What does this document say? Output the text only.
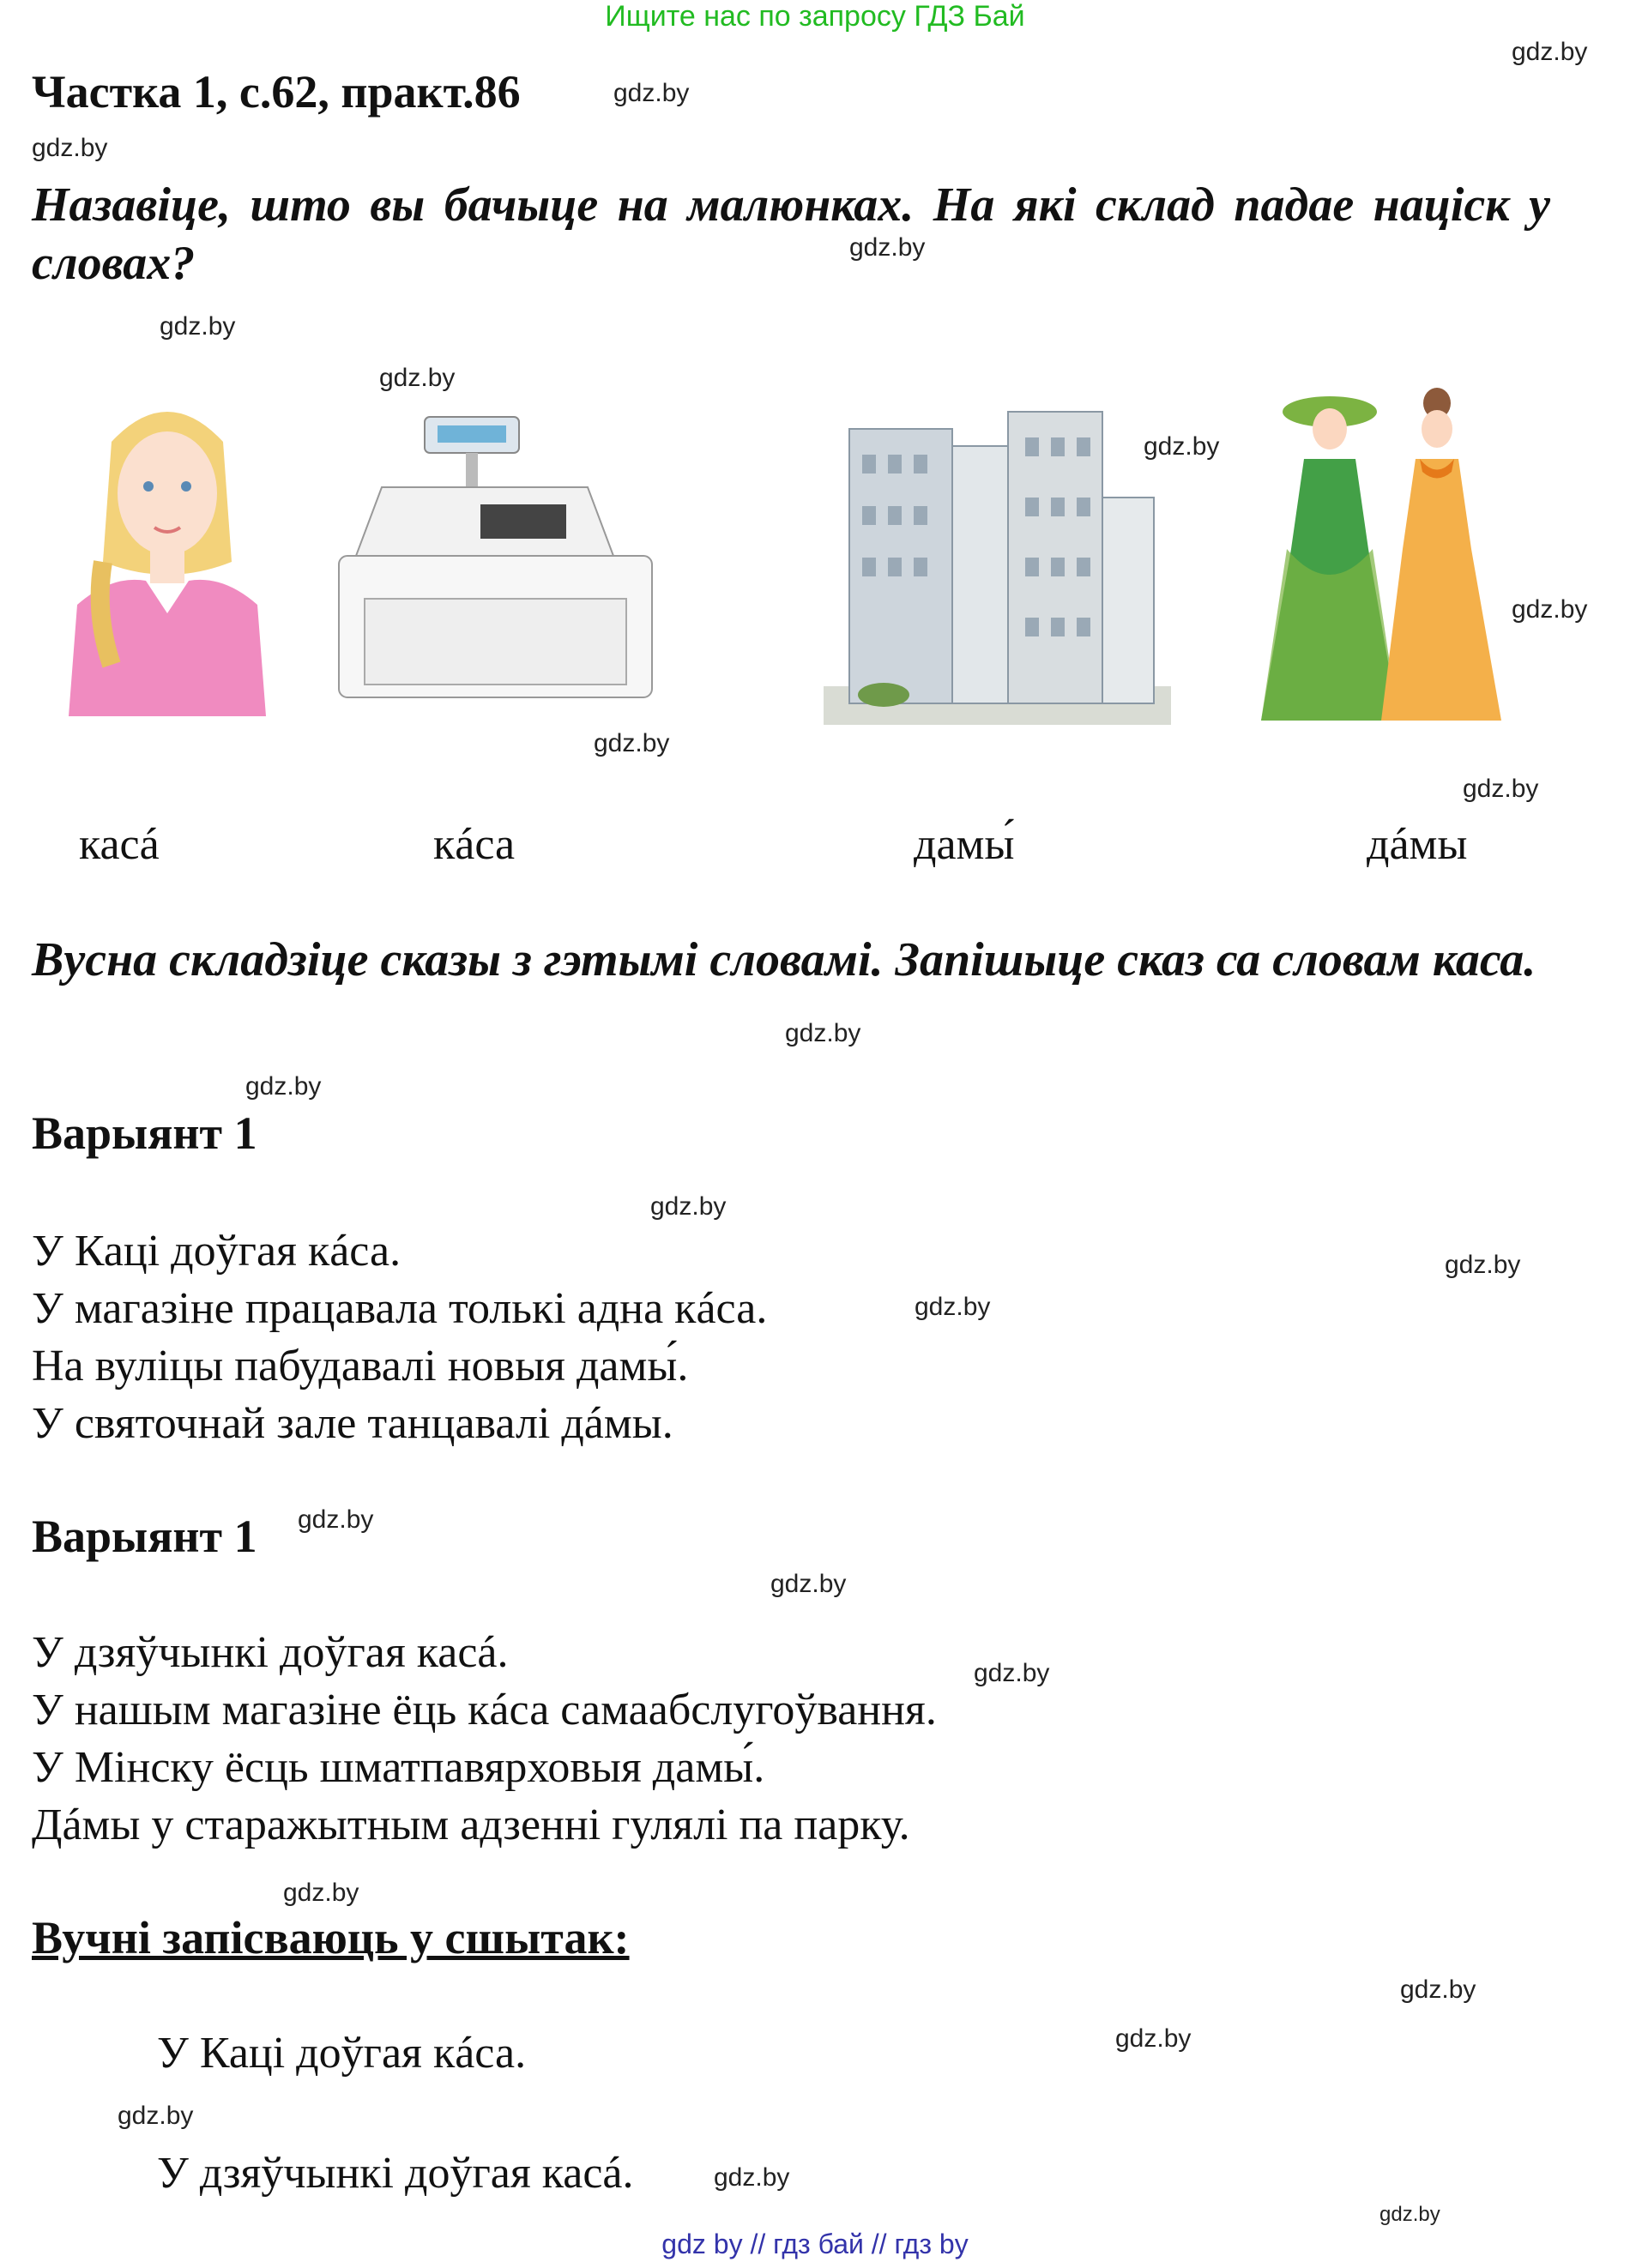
Ищите нас по запросу ГДЗ Бай
Частка 1, с.62, практ.86
Назавіце, што вы бачыце на малюнках. На які склад падае націск у словах?
касá	кáса	дамы́	дáмы
Вусна складзіце сказы з гэтымі словамі. Запішыце сказ са словам каса.
Варыянт 1
У Каці доўгая кáса.
У магазіне працавала толькі адна кáса.
На вуліцы пабудавалі новыя дамы́.
У святочнай зале танцавалі дáмы.
Варыянт 1
У дзяўчынкі доўгая касá.
У нашым магазіне ёць кáса самаабслугоўвання.
У Мінску ёсць шматпавярховыя дамы́.
Дáмы у старажытным адзенні гулялі па парку.
Вучні запісваюць у сшытак:
У Каці доўгая кáса.
У дзяўчынкі доўгая касá.
gdz.by
gdz.by
gdz.by
gdz.by
gdz.by
gdz.by
gdz.by
gdz.by
gdz.by
gdz.by
gdz.by
gdz.by
gdz.by
gdz.by
gdz.by
gdz.by
gdz.by
gdz.by
gdz.by
gdz.by
gdz.by
gdz.by
gdz.by
gdz.by
gdz by // гдз бай // гдз by
